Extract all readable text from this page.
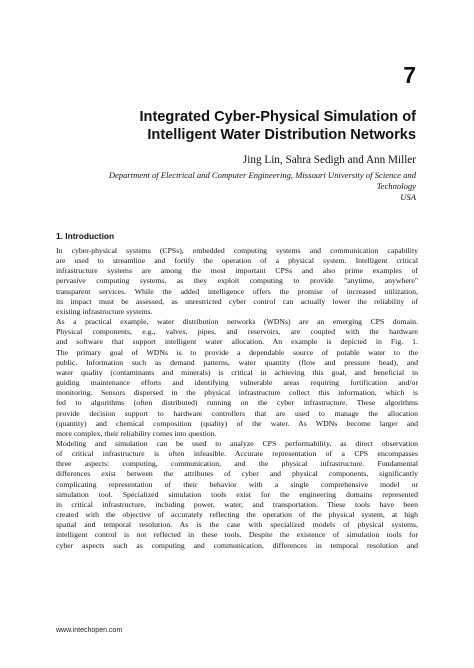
7
Integrated Cyber-Physical Simulation of
Intelligent Water Distribution Networks
Jing Lin, Sahra Sedigh and Ann Miller
Department of Electrical and Computer Engineering, Missouri University of Science and
Technology
USA
1. Introduction

In cyber-physical systems (CPSs), embedded computing systems and communication capability
are used to streamline and fortify the operation of a physical system. Intelligent critical
infrastructure systems are among the most important CPSs and also prime examples of
pervasive computing systems, as they exploit computing to provide "anytime, anywhere"
transparent services. While the added intelligence offers the promise of increased utilization,
its impact must be assessed, as unrestricted cyber control can actually lower the reliability of
existing infrastructure systems.

As a practical example, water distribution networks (WDNs) are an emerging CPS domain.
Physical components, e.g., valves, pipes, and reservoirs, are coupled with the hardware
and software that support intelligent water allocation. An example is depicted in Fig. 1.
The primary goal of WDNs is to provide a dependable source of potable water to the
public. Information such as demand patterns, water quantity (flow and pressure head), and
water quality (contaminants and minerals) is critical in achieving this goal, and beneficial in
guiding maintenance efforts and identifying vulnerable areas requiring fortification and/or
monitoring. Sensors dispersed in the physical infrastructure collect this information, which is
fed to algorithms (often distributed) running on the cyber infrastructure. These algorithms
provide decision support to hardware controllers that are used to manage the allocation
(quantity) and chemical composition (quality) of the water. As WDNs become larger and
more complex, their reliability comes into question.

Modeling and simulation can be used to analyze CPS performability, as direct observation
of critical infrastructure is often infeasible. Accurate representation of a CPS encompasses
three aspects: computing, communication, and the physical infrastructure. Fundamental
differences exist between the attributes of cyber and physical components, significantly
complicating representation of their behavior with a single comprehensive model or
simulation tool. Specialized simulation tools exist for the engineering domains represented
in critical infrastructure, including power, water, and transportation. These tools have been
created with the objective of accurately reflecting the operation of the physical system, at high
spatial and temporal resolution. As is the case with specialized models of physical systems,
intelligent control is not reflected in these tools. Despite the existence of simulation tools for
cyber aspects such as computing and communication, differences in temporal resolution and

www.intechopen.com
